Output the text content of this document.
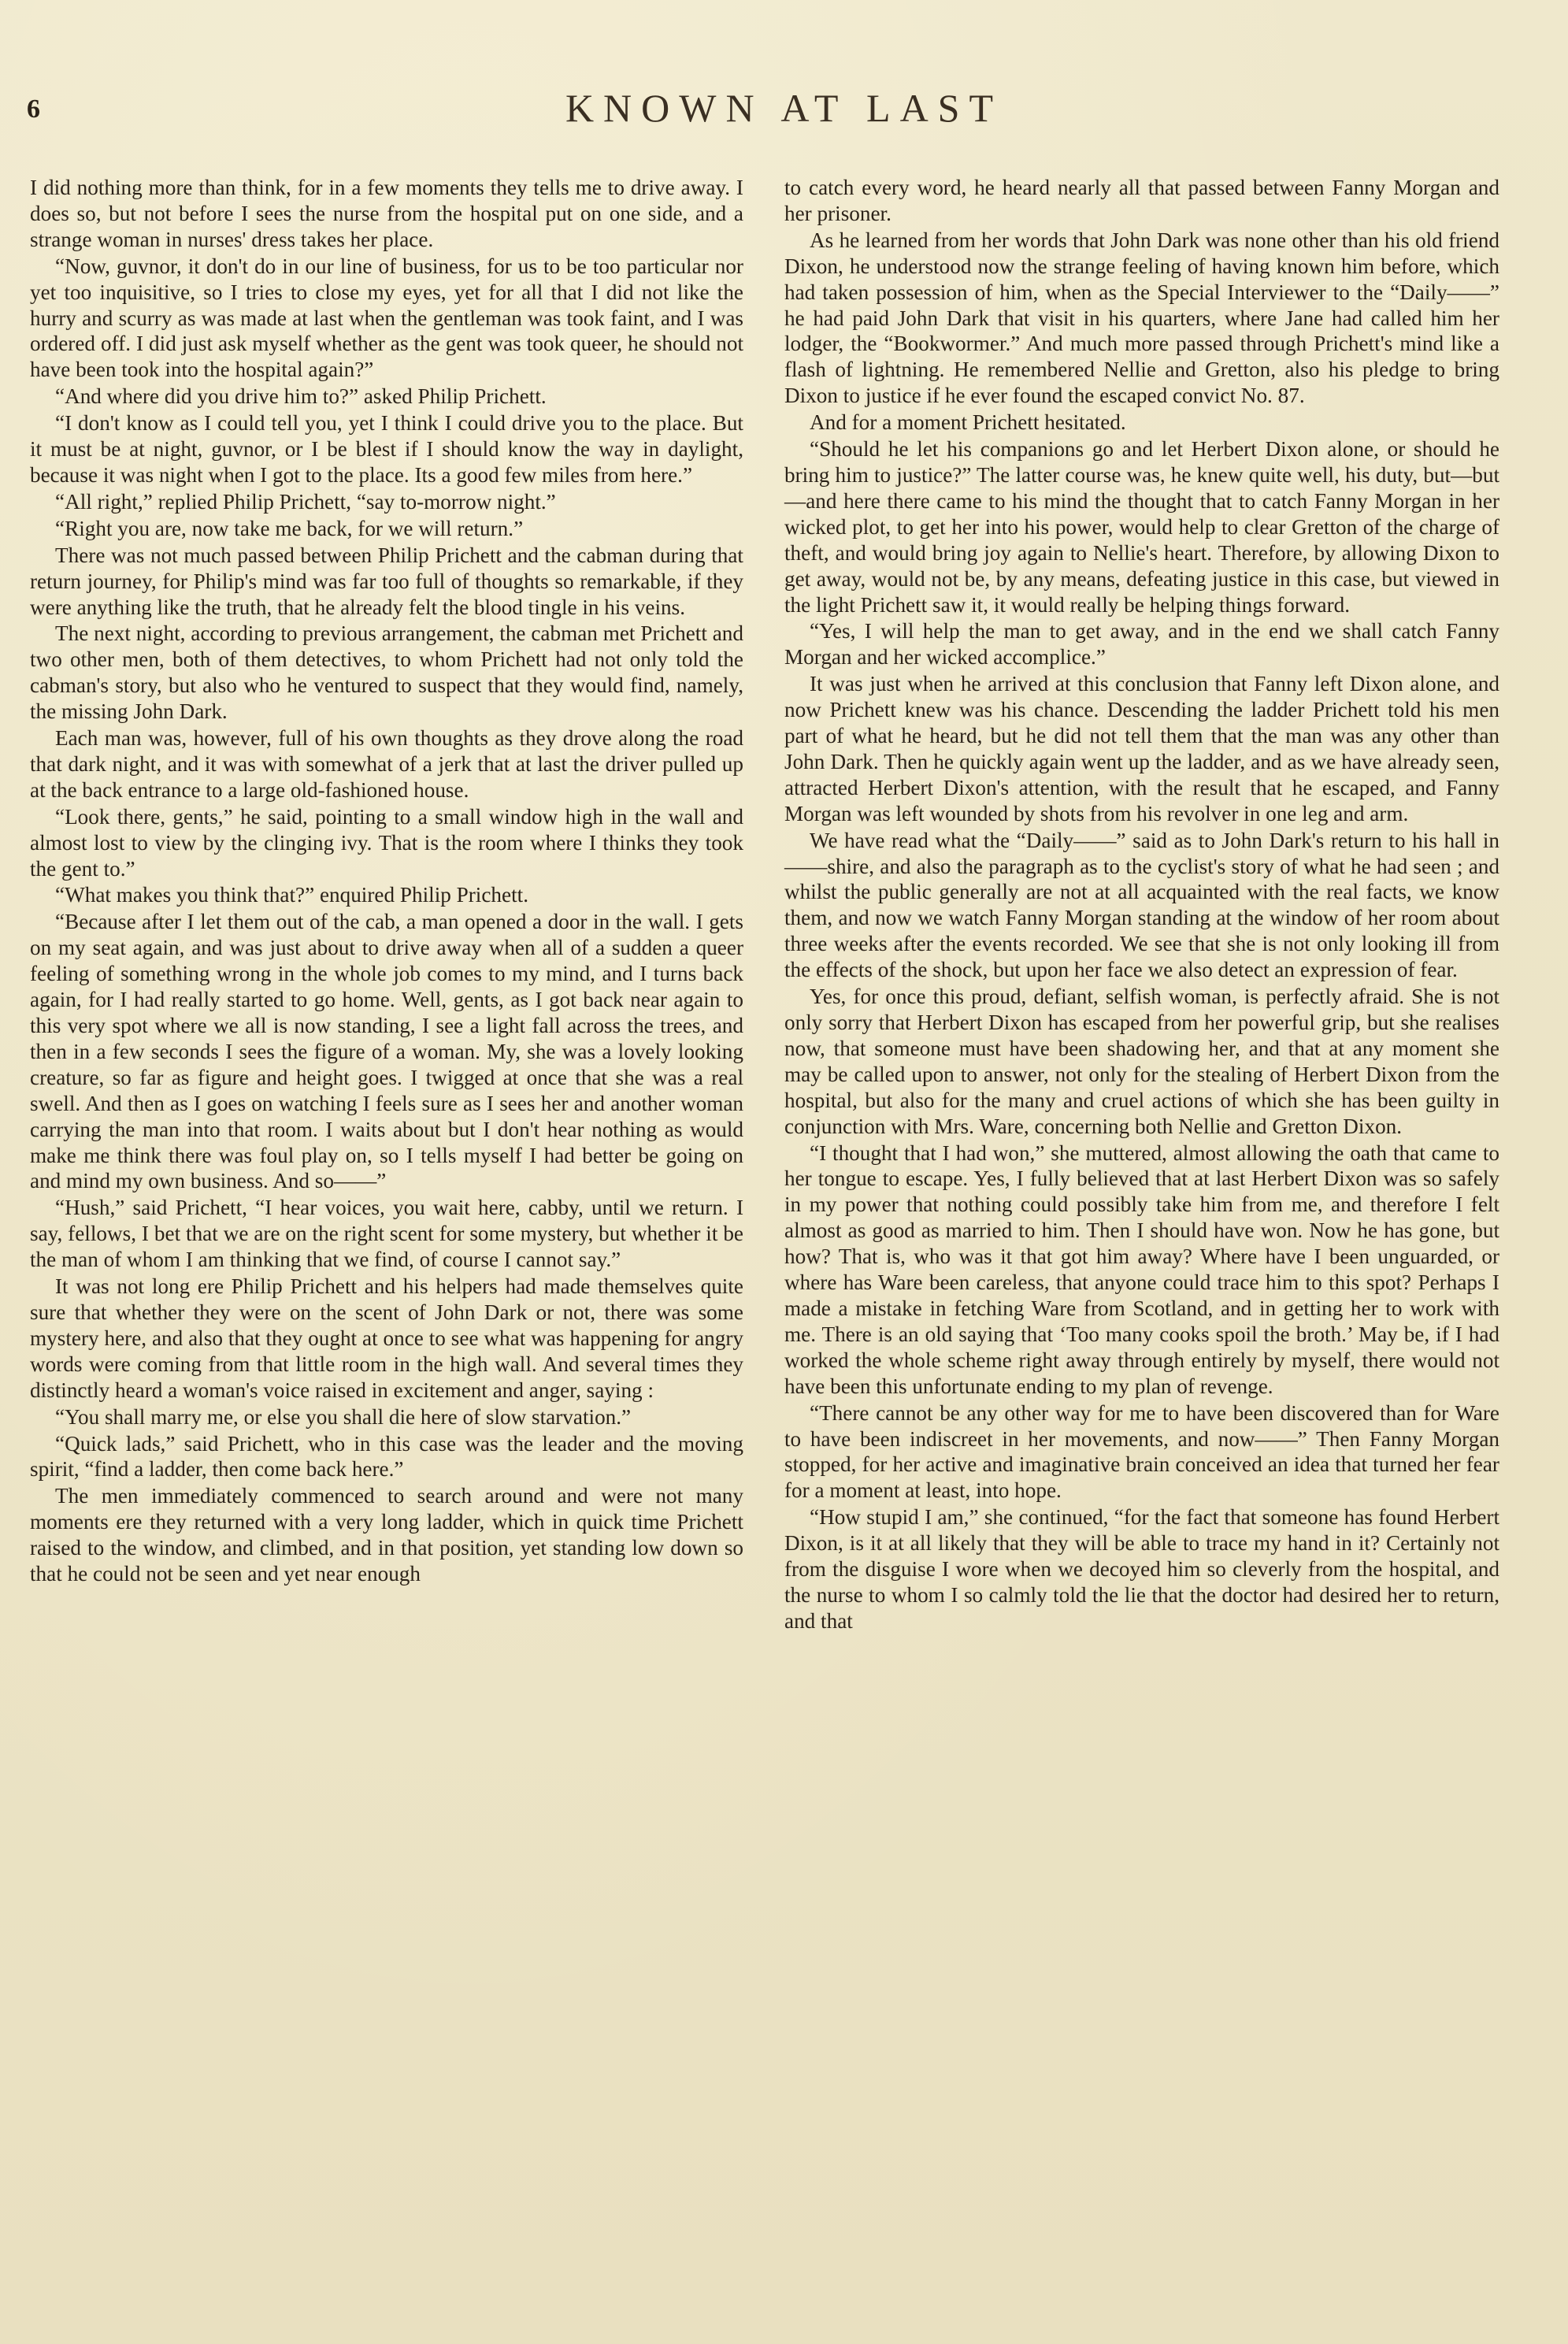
6	KNOWN AT LAST

I did nothing more than think, for in a few moments they tells me to drive away. I does so, but not before I sees the nurse from the hospital put on one side, and a strange woman in nurses' dress takes her place.

“Now, guvnor, it don't do in our line of business, for us to be too particular nor yet too inquisitive, so I tries to close my eyes, yet for all that I did not like the hurry and scurry as was made at last when the gentleman was took faint, and I was ordered off. I did just ask myself whether as the gent was took queer, he should not have been took into the hospital again?”

“And where did you drive him to?” asked Philip Prichett.

“I don't know as I could tell you, yet I think I could drive you to the place. But it must be at night, guvnor, or I be blest if I should know the way in daylight, because it was night when I got to the place. Its a good few miles from here.”

“All right,” replied Philip Prichett, “say to-morrow night.”

“Right you are, now take me back, for we will return.”

There was not much passed between Philip Prichett and the cabman during that return journey, for Philip's mind was far too full of thoughts so remarkable, if they were anything like the truth, that he already felt the blood tingle in his veins.

The next night, according to previous arrangement, the cabman met Prichett and two other men, both of them detectives, to whom Prichett had not only told the cabman's story, but also who he ventured to suspect that they would find, namely, the missing John Dark.

Each man was, however, full of his own thoughts as they drove along the road that dark night, and it was with somewhat of a jerk that at last the driver pulled up at the back entrance to a large old-fashioned house.

“Look there, gents,” he said, pointing to a small window high in the wall and almost lost to view by the clinging ivy. That is the room where I thinks they took the gent to.”

“What makes you think that?” enquired Philip Prichett.

“Because after I let them out of the cab, a man opened a door in the wall. I gets on my seat again, and was just about to drive away when all of a sudden a queer feeling of something wrong in the whole job comes to my mind, and I turns back again, for I had really started to go home. Well, gents, as I got back near again to this very spot where we all is now standing, I see a light fall across the trees, and then in a few seconds I sees the figure of a woman. My, she was a lovely looking creature, so far as figure and height goes. I twigged at once that she was a real swell. And then as I goes on watching I feels sure as I sees her and another woman carrying the man into that room. I waits about but I don't hear nothing as would make me think there was foul play on, so I tells myself I had better be going on and mind my own business. And so——”

“Hush,” said Prichett, “I hear voices, you wait here, cabby, until we return. I say, fellows, I bet that we are on the right scent for some mystery, but whether it be the man of whom I am thinking that we find, of course I cannot say.”

It was not long ere Philip Prichett and his helpers had made themselves quite sure that whether they were on the scent of John Dark or not, there was some mystery here, and also that they ought at once to see what was happening for angry words were coming from that little room in the high wall. And several times they distinctly heard a woman's voice raised in excitement and anger, saying :

“You shall marry me, or else you shall die here of slow starvation.”

“Quick lads,” said Prichett, who in this case was the leader and the moving spirit, “find a ladder, then come back here.”

The men immediately commenced to search around and were not many moments ere they returned with a very long ladder, which in quick time Prichett raised to the window, and climbed, and in that position, yet standing low down so that he could not be seen and yet near enough

to catch every word, he heard nearly all that passed between Fanny Morgan and her prisoner.

As he learned from her words that John Dark was none other than his old friend Dixon, he understood now the strange feeling of having known him before, which had taken possession of him, when as the Special Interviewer to the “Daily——” he had paid John Dark that visit in his quarters, where Jane had called him her lodger, the “Bookwormer.” And much more passed through Prichett's mind like a flash of lightning. He remembered Nellie and Gretton, also his pledge to bring Dixon to justice if he ever found the escaped convict No. 87.

And for a moment Prichett hesitated.

“Should he let his companions go and let Herbert Dixon alone, or should he bring him to justice?” The latter course was, he knew quite well, his duty, but—but—and here there came to his mind the thought that to catch Fanny Morgan in her wicked plot, to get her into his power, would help to clear Gretton of the charge of theft, and would bring joy again to Nellie's heart. Therefore, by allowing Dixon to get away, would not be, by any means, defeating justice in this case, but viewed in the light Prichett saw it, it would really be helping things forward.

“Yes, I will help the man to get away, and in the end we shall catch Fanny Morgan and her wicked accomplice.”

It was just when he arrived at this conclusion that Fanny left Dixon alone, and now Prichett knew was his chance. Descending the ladder Prichett told his men part of what he heard, but he did not tell them that the man was any other than John Dark. Then he quickly again went up the ladder, and as we have already seen, attracted Herbert Dixon's attention, with the result that he escaped, and Fanny Morgan was left wounded by shots from his revolver in one leg and arm.

We have read what the “Daily——” said as to John Dark's return to his hall in ——shire, and also the paragraph as to the cyclist's story of what he had seen ; and whilst the public generally are not at all acquainted with the real facts, we know them, and now we watch Fanny Morgan standing at the window of her room about three weeks after the events recorded. We see that she is not only looking ill from the effects of the shock, but upon her face we also detect an expression of fear.

Yes, for once this proud, defiant, selfish woman, is perfectly afraid. She is not only sorry that Herbert Dixon has escaped from her powerful grip, but she realises now, that someone must have been shadowing her, and that at any moment she may be called upon to answer, not only for the stealing of Herbert Dixon from the hospital, but also for the many and cruel actions of which she has been guilty in conjunction with Mrs. Ware, concerning both Nellie and Gretton Dixon.

“I thought that I had won,” she muttered, almost allowing the oath that came to her tongue to escape. Yes, I fully believed that at last Herbert Dixon was so safely in my power that nothing could possibly take him from me, and therefore I felt almost as good as married to him. Then I should have won. Now he has gone, but how? That is, who was it that got him away? Where have I been unguarded, or where has Ware been careless, that anyone could trace him to this spot? Perhaps I made a mistake in fetching Ware from Scotland, and in getting her to work with me. There is an old saying that ‘Too many cooks spoil the broth.’ May be, if I had worked the whole scheme right away through entirely by myself, there would not have been this unfortunate ending to my plan of revenge.

“There cannot be any other way for me to have been discovered than for Ware to have been indiscreet in her movements, and now——” Then Fanny Morgan stopped, for her active and imaginative brain conceived an idea that turned her fear for a moment at least, into hope.

“How stupid I am,” she continued, “for the fact that someone has found Herbert Dixon, is it at all likely that they will be able to trace my hand in it? Certainly not from the disguise I wore when we decoyed him so cleverly from the hospital, and the nurse to whom I so calmly told the lie that the doctor had desired her to return, and that
